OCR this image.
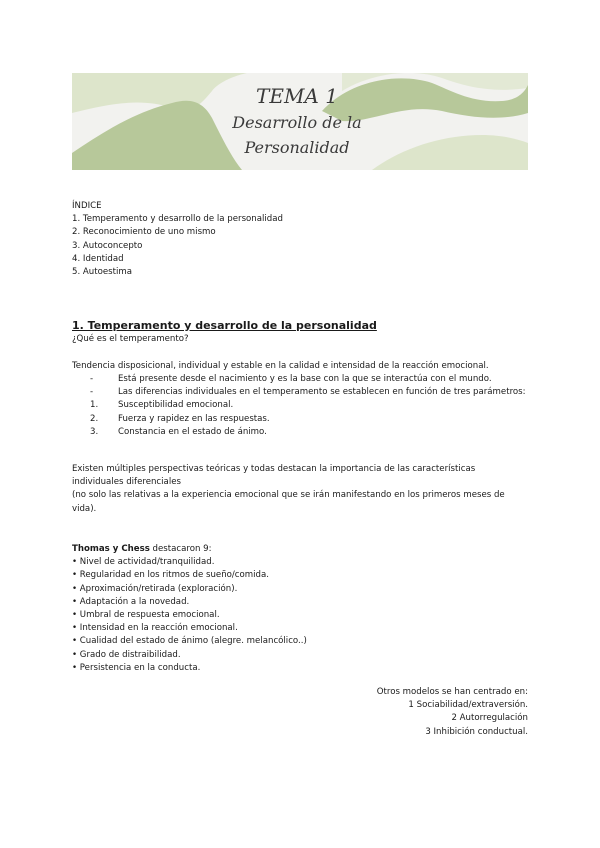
TEMA 1
Desarrollo de la
Personalidad
ÍNDICE
1. Temperamento y desarrollo de la personalidad
2. Reconocimiento de uno mismo
3. Autoconcepto
4. Identidad
5. Autoestima
1. Temperamento y desarrollo de la personalidad
¿Qué es el temperamento?
Tendencia disposicional, individual y estable en la calidad e intensidad de la reacción emocional.
-	Está presente desde el nacimiento y es la base con la que se interactúa con el mundo.
-	Las diferencias individuales en el temperamento se establecen en función de tres parámetros:
1.	Susceptibilidad emocional.
2.	Fuerza y rapidez en las respuestas.
3.	Constancia en el estado de ánimo.
Existen múltiples perspectivas teóricas y todas destacan la importancia de las características
individuales diferenciales
(no solo las relativas a la experiencia emocional que se irán manifestando en los primeros meses de
vida).
Thomas y Chess destacaron 9:
• Nivel de actividad/tranquilidad.
• Regularidad en los ritmos de sueño/comida.
• Aproximación/retirada (exploración).
• Adaptación a la novedad.
• Umbral de respuesta emocional.
• Intensidad en la reacción emocional.
• Cualidad del estado de ánimo (alegre. melancólico..)
• Grado de distraibilidad.
• Persistencia en la conducta.
Otros modelos se han centrado en:
1 Sociabilidad/extraversión.
2 Autorregulación
3 Inhibición conductual.
